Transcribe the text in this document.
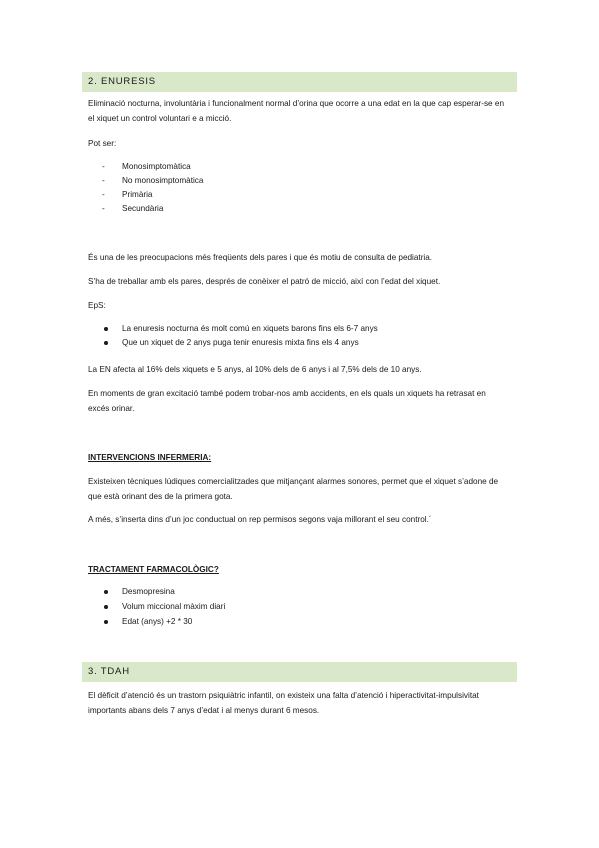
2. ENURESIS

Eliminació nocturna, involuntària i funcionalment normal d’orina que ocorre a una edat en la que cap esperar-se en el xiquet un control voluntari e a micció.

Pot ser:

- Monosimptomàtica
- No monosimptomàtica
- Primària
- Secundària

És una de les preocupacions més freqüents dels pares i que és motiu de consulta de pediatria.

S’ha de treballar amb els pares, després de conèixer el patró de micció, així con l’edat del xiquet.

EpS:

La enuresis nocturna és molt comú en xiquets barons fins els 6-7 anys
Que un xiquet de 2 anys puga tenir enuresis mixta fins els 4 anys

La EN afecta al 16% dels xiquets e 5 anys, al 10% dels de 6 anys i al 7,5% dels de 10 anys.

En moments de gran excitació també podem trobar-nos amb accidents, en els quals un xiquets ha retrasat en excés orinar.

INTERVENCIONS INFERMERIA:

Existeixen tècniques lúdiques comercialitzades que mitjançant alarmes sonores, permet que el xiquet s’adone de que està orinant des de la primera gota.

A més, s’inserta dins d’un joc conductual on rep permisos segons vaja millorant el seu control.´

TRACTAMENT FARMACOLÒGIC?

Desmopresina
Volum miccional màxim diari
Edat (anys) +2 * 30
3. TDAH

El dèficit d’atenció és un trastorn psiquiàtric infantil, on existeix una falta d’atenció i hiperactivitat-impulsivitat importants abans dels 7 anys d’edat i al menys durant 6 mesos.
